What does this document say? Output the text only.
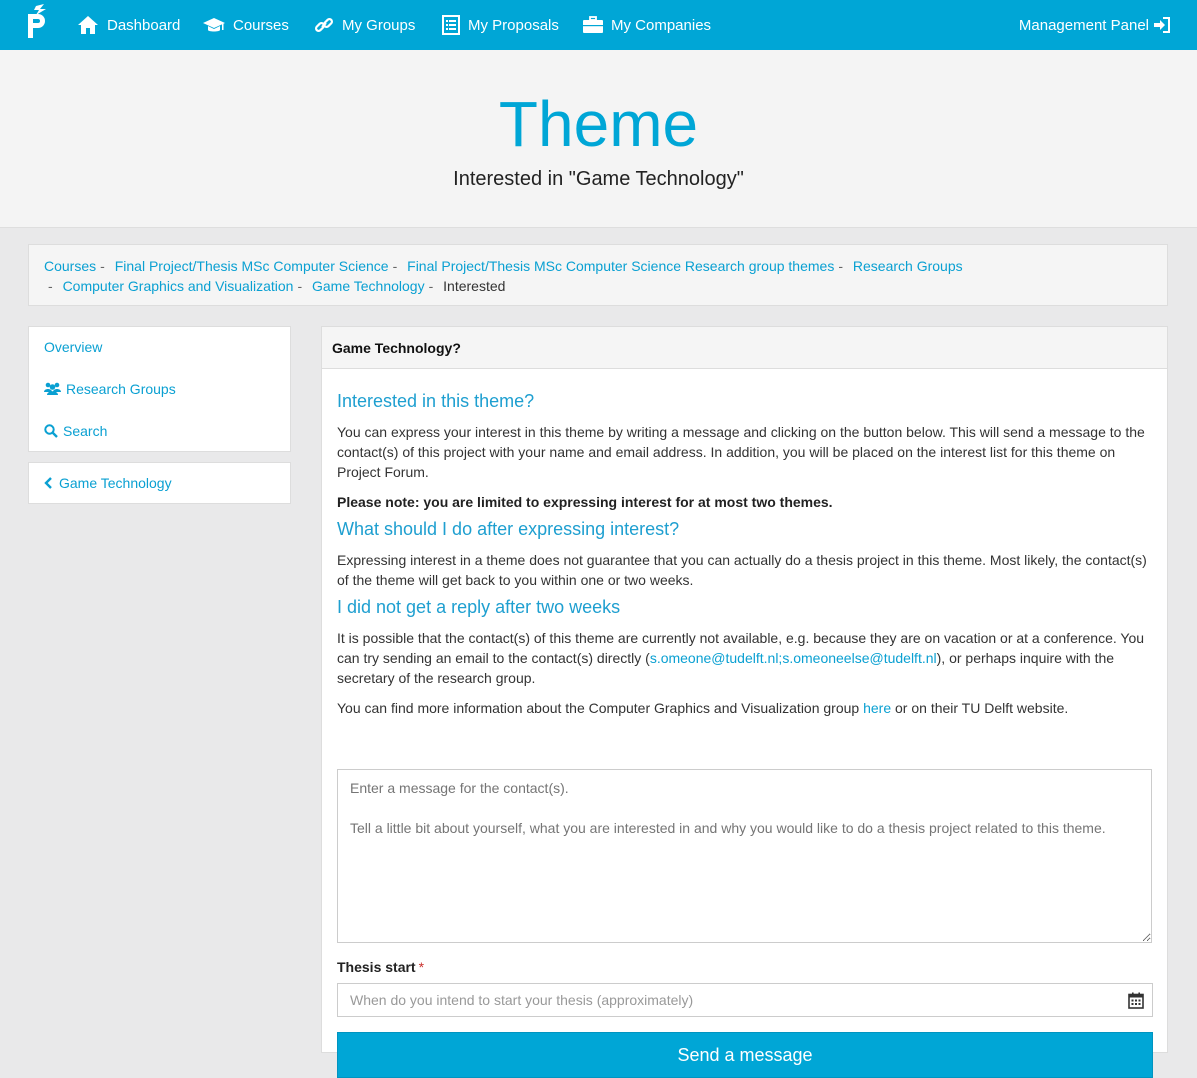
Dashboard	Courses	My Groups	My Proposals	My Companies	Management Panel
Theme
Interested in "Game Technology"
Courses - Final Project/Thesis MSc Computer Science - Final Project/Thesis MSc Computer Science Research group themes - Research Groups
- Computer Graphics and Visualization - Game Technology - Interested
Overview
Research Groups
Search
Game Technology
Game Technology?
Interested in this theme?

You can express your interest in this theme by writing a message and clicking on the button below. This will send a message to the contact(s) of this project with your name and email address. In addition, you will be placed on the interest list for this theme on Project Forum.

Please note: you are limited to expressing interest for at most two themes.

What should I do after expressing interest?

Expressing interest in a theme does not guarantee that you can actually do a thesis project in this theme. Most likely, the contact(s) of the theme will get back to you within one or two weeks.

I did not get a reply after two weeks

It is possible that the contact(s) of this theme are currently not available, e.g. because they are on vacation or at a conference. You can try sending an email to the contact(s) directly (s.omeone@tudelft.nl;s.omeoneelse@tudelft.nl), or perhaps inquire with the secretary of the research group.

You can find more information about the Computer Graphics and Visualization group here or on their TU Delft website.

Enter a message for the contact(s). Tell a little bit about yourself, what you are interested in and why you would like to do a thesis project related to this theme.
Thesis start *
When do you intend to start your thesis (approximately)
Send a message
